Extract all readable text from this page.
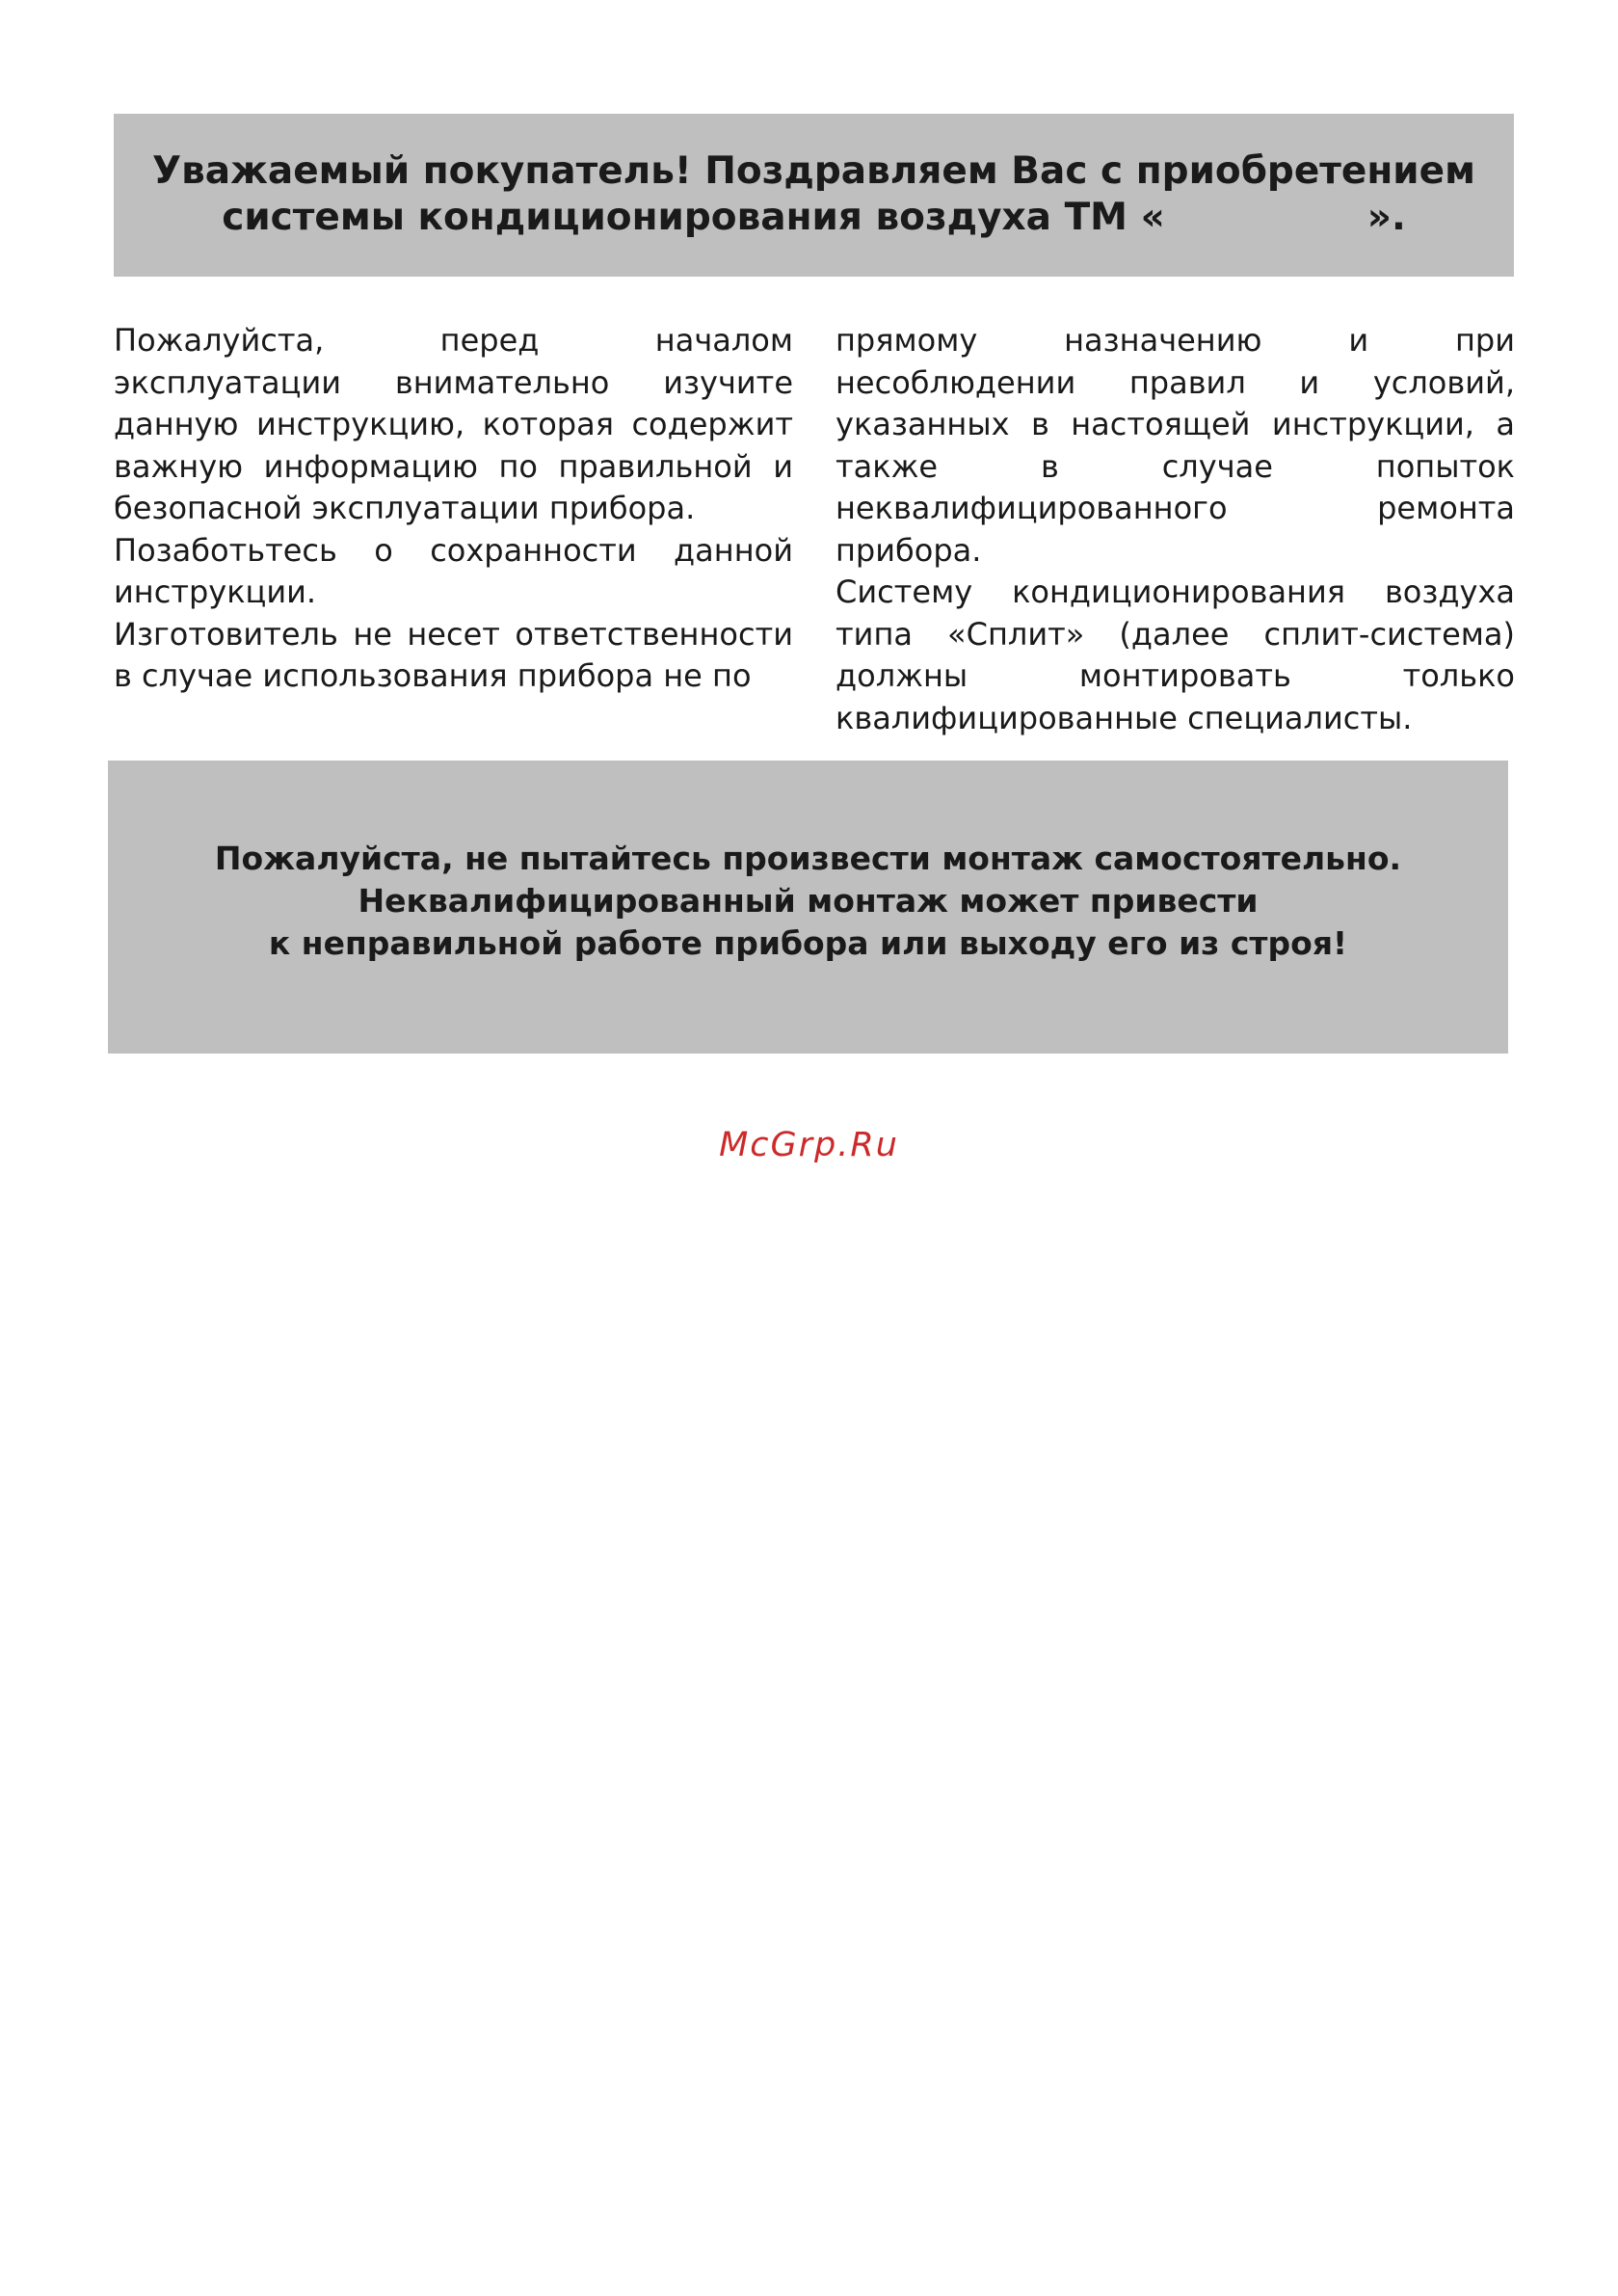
Уважаемый покупатель! Поздравляем Вас с приобретением
системы кондиционирования воздуха ТМ «	».

Пожалуйста, перед началом эксплуатации внимательно изучите данную инструкцию, которая содержит важную информацию по правильной и безопасной эксплуатации прибора.

Позаботьтесь о сохранности данной инструкции.

Изготовитель не несет ответственности в случае использования прибора не по

прямому назначению и при несоблюдении правил и условий, указанных в настоящей инструкции, а также в случае попыток неквалифицированного ремонта прибора.

Систему кондиционирования воздуха типа «Сплит» (далее сплит-система) должны монтировать только квалифицированные специалисты.

Пожалуйста, не пытайтесь произвести монтаж самостоятельно.
Неквалифицированный монтаж может привести
к неправильной работе прибора или выходу его из строя!
McGrp.Ru
